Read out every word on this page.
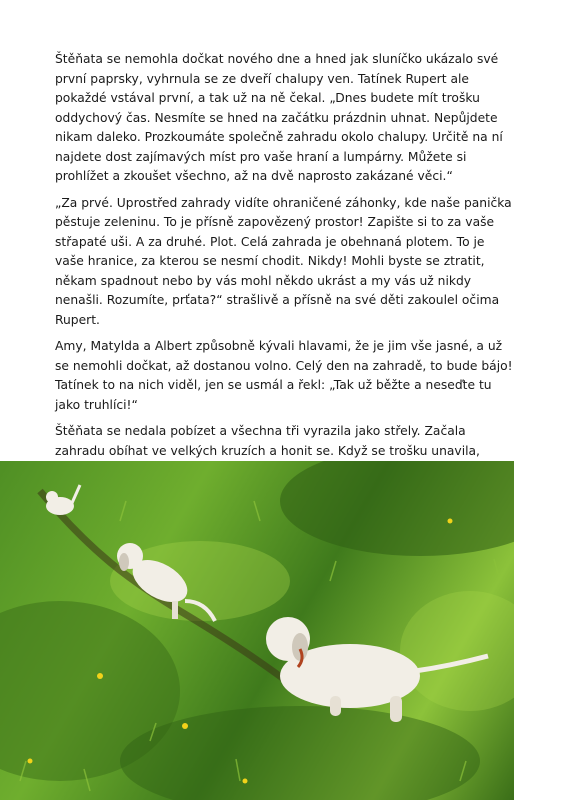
Štěňata se nemohla dočkat nového dne a hned jak sluníčko ukázalo své první paprsky, vyhrnula se ze dveří chalupy ven. Tatínek Rupert ale pokaždé vstával první, a tak už na ně čekal. „Dnes budete mít trošku oddychový čas. Nesmíte se hned na začátku prázdnin uhnat. Nepůjdete nikam daleko. Prozkoumáte společně zahradu okolo chalupy. Určitě na ní najdete dost zajímavých míst pro vaše hraní a lumpárny. Můžete si prohlížet a zkoušet všechno, až na dvě naprosto zakázané věci.“

„Za prvé. Uprostřed zahrady vidíte ohraničené záhonky, kde naše panička pěstuje zeleninu. To je přísně zapovězený prostor! Zapište si to za vaše střapaté uši. A za druhé. Plot. Celá zahrada je obehnaná plotem. To je vaše hranice, za kterou se nesmí chodit. Nikdy! Mohli byste se ztratit, někam spadnout nebo by vás mohl někdo ukrást a my vás už nikdy nenašli. Rozumíte, prťata?“ strašlivě a přísně na své děti zakoulel očima Rupert.

Amy, Matylda a Albert způsobně kývali hlavami, že je jim vše jasné, a už se nemohli dočkat, až dostanou volno. Celý den na zahradě, to bude bájo! Tatínek to na nich viděl, jen se usmál a řekl: „Tak už běžte a neseďte tu jako truhlíci!“

Štěňata se nedala pobízet a všechna tři vyrazila jako střely. Začala zahradu obíhat ve velkých kruzích a honit se. Když se trošku unavila,
